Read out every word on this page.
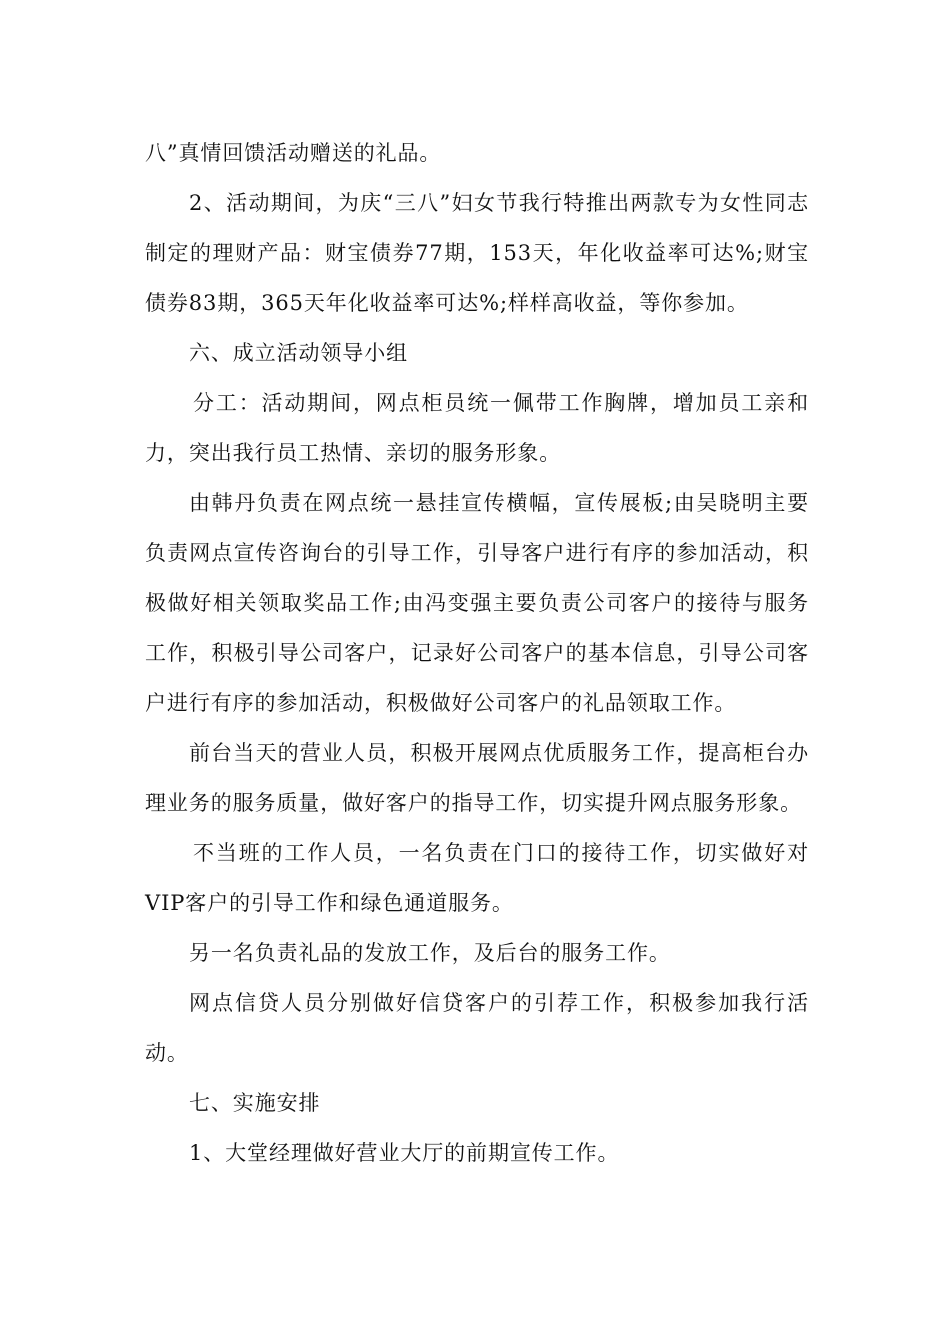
八”真情回馈活动赠送的礼品。

2、活动期间，为庆“三八”妇女节我行特推出两款专为女性同志制定的理财产品：财宝债券77期，153天，年化收益率可达%;财宝债券83期，365天年化收益率可达%;样样高收益，等你参加。

六、成立活动领导小组

分工：活动期间，网点柜员统一佩带工作胸牌，增加员工亲和力，突出我行员工热情、亲切的服务形象。

由韩丹负责在网点统一悬挂宣传横幅，宣传展板;由吴晓明主要负责网点宣传咨询台的引导工作，引导客户进行有序的参加活动，积极做好相关领取奖品工作;由冯变强主要负责公司客户的接待与服务工作，积极引导公司客户，记录好公司客户的基本信息，引导公司客户进行有序的参加活动，积极做好公司客户的礼品领取工作。

前台当天的营业人员，积极开展网点优质服务工作，提高柜台办理业务的服务质量，做好客户的指导工作，切实提升网点服务形象。

不当班的工作人员，一名负责在门口的接待工作，切实做好对VIP客户的引导工作和绿色通道服务。

另一名负责礼品的发放工作，及后台的服务工作。

网点信贷人员分别做好信贷客户的引荐工作，积极参加我行活动。

七、实施安排

1、大堂经理做好营业大厅的前期宣传工作。
